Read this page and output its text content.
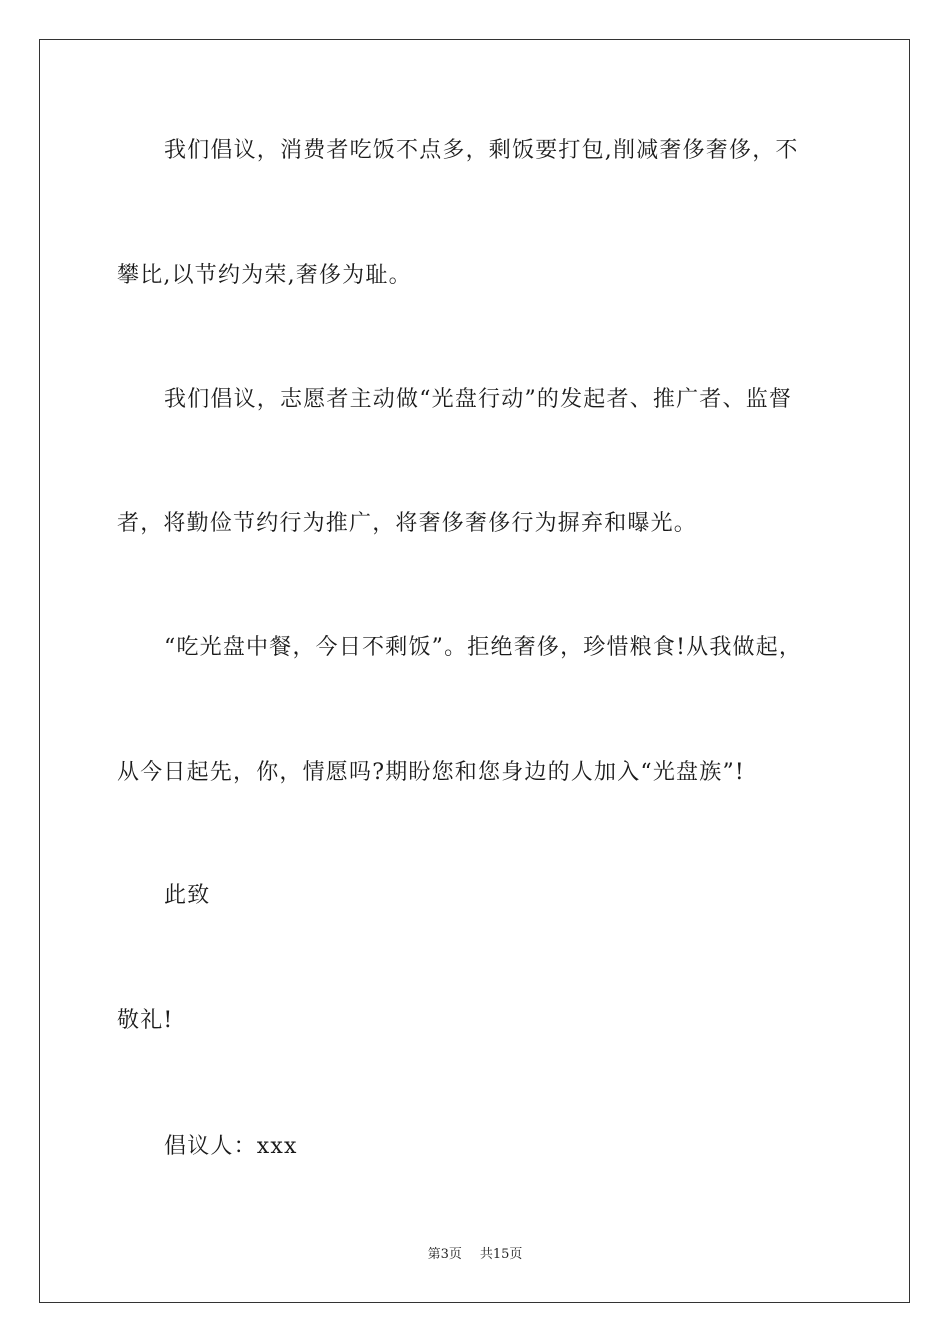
我们倡议，消费者吃饭不点多，剩饭要打包,削减奢侈奢侈，不
攀比,以节约为荣,奢侈为耻。
我们倡议，志愿者主动做“光盘行动”的发起者、推广者、监督
者，将勤俭节约行为推广，将奢侈奢侈行为摒弃和曝光。
“吃光盘中餐，今日不剩饭”。拒绝奢侈，珍惜粮食!从我做起，
从今日起先，你，情愿吗?期盼您和您身边的人加入“光盘族”!
此致
敬礼!
倡议人：xxx
第3页 共15页
